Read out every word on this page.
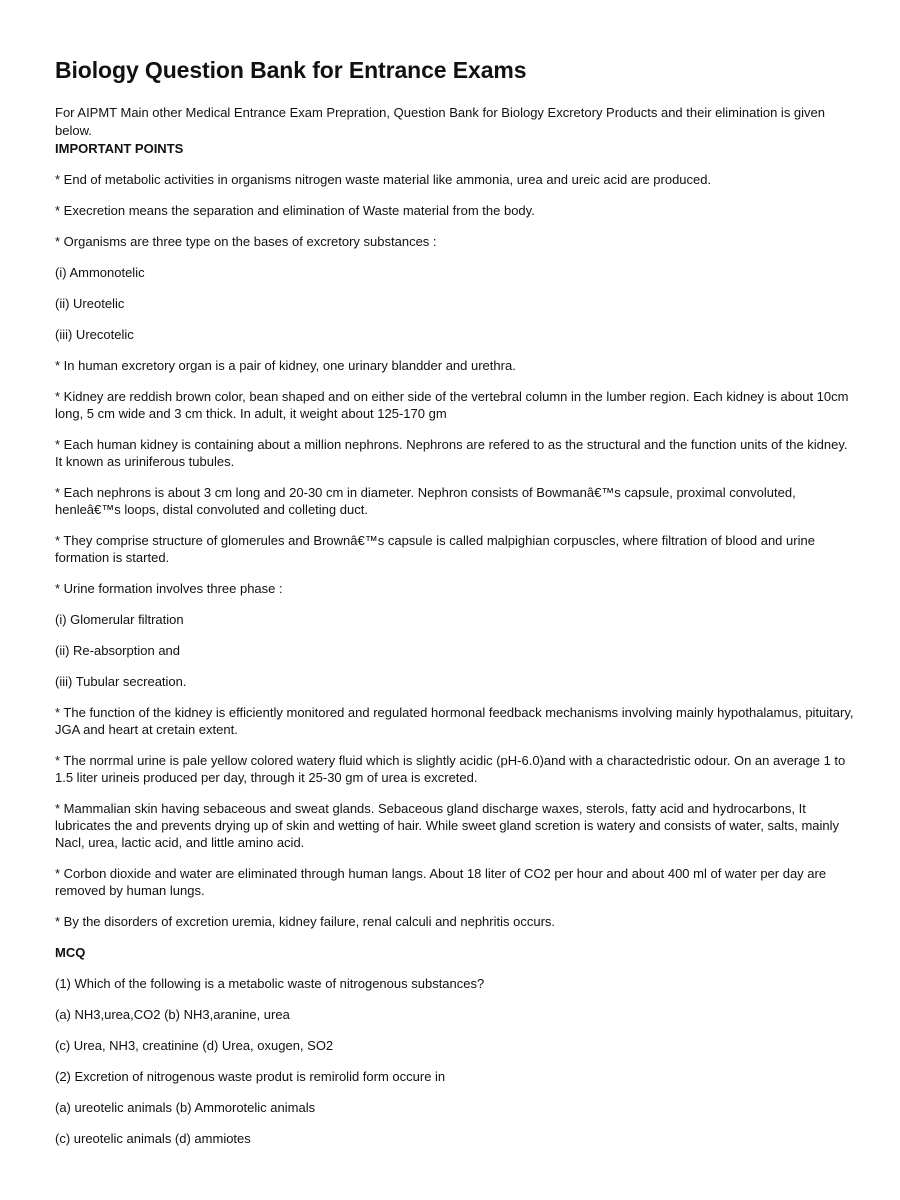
Biology Question Bank for Entrance Exams
For AIPMT Main other Medical Entrance Exam Prepration, Question Bank for Biology Excretory Products and their elimination is given below.
IMPORTANT POINTS
* End of metabolic activities in organisms nitrogen waste material like ammonia, urea and ureic acid are produced.
* Execretion means the separation and elimination of Waste material from the body.
* Organisms are three type on the bases of excretory substances :
(i) Ammonotelic
(ii) Ureotelic
(iii) Urecotelic
* In human excretory organ is a pair of kidney, one urinary blandder and urethra.
* Kidney are reddish brown color, bean shaped and on either side of the vertebral column in the lumber region. Each kidney is about 10cm long, 5 cm wide and 3 cm thick. In adult, it weight about 125-170 gm
* Each human kidney is containing about a million nephrons. Nephrons are refered to as the structural and the function units of the kidney. It known as uriniferous tubules.
* Each nephrons is about 3 cm long and 20-30 cm in diameter. Nephron consists of Bowmanâ€™s capsule, proximal convoluted, henleâ€™s loops, distal convoluted and colleting duct.
* They comprise structure of glomerules and Brownâ€™s capsule is called malpighian corpuscles, where filtration of blood and urine formation is started.
* Urine formation involves three phase :
(i) Glomerular filtration
(ii) Re-absorption and
(iii) Tubular secreation.
* The function of the kidney is efficiently monitored and regulated hormonal feedback mechanisms involving mainly hypothalamus, pituitary, JGA and heart at cretain extent.
* The norrmal urine is pale yellow colored watery fluid which is slightly acidic (pH-6.0)and with a charactedristic odour. On an average 1 to 1.5 liter urineis produced per day, through it 25-30 gm of urea is excreted.
* Mammalian skin having sebaceous and sweat glands. Sebaceous gland discharge waxes, sterols, fatty acid and hydrocarbons, It lubricates the and prevents drying up of skin and wetting of hair. While sweet gland scretion is watery and consists of water, salts, mainly Nacl, urea, lactic acid, and little amino acid.
* Corbon dioxide and water are eliminated through human langs. About 18 liter of CO2 per hour and about 400 ml of water per day are removed by human lungs.
* By the disorders of excretion uremia, kidney failure, renal calculi and nephritis occurs.
MCQ
(1) Which of the following is a metabolic waste of nitrogenous substances?
(a) NH3,urea,CO2 (b) NH3,aranine, urea
(c) Urea, NH3, creatinine (d) Urea, oxugen, SO2
(2) Excretion of nitrogenous waste produt is remirolid form occure in
(a) ureotelic animals (b) Ammorotelic animals
(c) ureotelic animals (d) ammiotes
